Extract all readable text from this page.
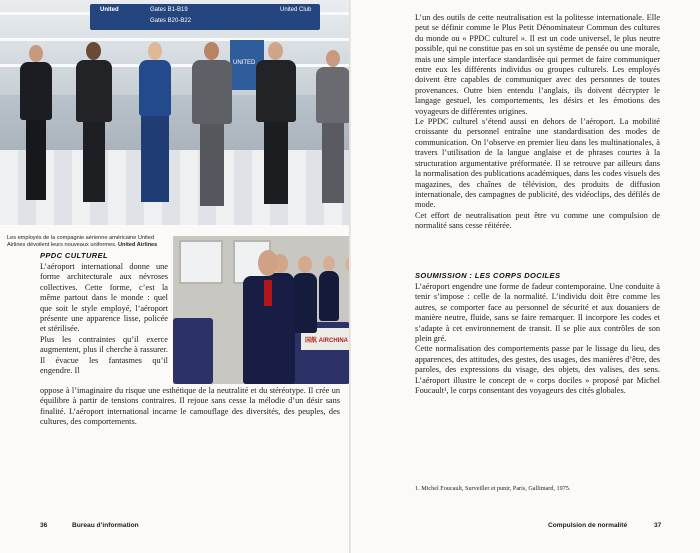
United	Gates B1-B19
Gates B20-B22
United Club
UNITED

Les employés de la compagnie aérienne américaine United Airlines dévoilent leurs nouveaux uniformes. United Airlines

国航 AIRCHINA
PPDC CULTUREL

L’aéroport international donne une forme architecturale aux névroses collectives. Cette forme, c’est la même partout dans le monde : quel que soit le style employé, l’aéroport présente une apparence lisse, policée et stérilisée.

Plus les contraintes qu’il exerce augmentent, plus il cherche à rassurer. Il évacue les fantasmes qu’il engendre. Il

oppose à l’imaginaire du risque une esthétique de la neutralité et du stéréotype. Il crée un équilibre à partir de tensions contraires. Il rejoue sans cesse la mélodie d’un désir sans finalité. L’aéroport international incarne le camouflage des diversités, des peuples, des cultures, des comportements.

36	Bureau d’information

L’un des outils de cette neutralisation est la politesse internationale. Elle peut se définir comme le Plus Petit Dénominateur Commun des cultures du monde ou « PPDC culturel ». Il est un code universel, le plus neutre possible, qui ne constitue pas en soi un système de pensée ou une morale, mais une simple interface standardisée qui permet de faire communiquer entre eux les différents individus ou groupes culturels. Les employés doivent être capables de communiquer avec des personnes de toutes provenances. Outre bien entendu l’anglais, ils doivent décrypter le langage gestuel, les comportements, les désirs et les émotions des voyageurs de différentes origines.

Le PPDC culturel s’étend aussi en dehors de l’aéroport. La mobilité croissante du personnel entraîne une standardisation des modes de communication. On l’observe en premier lieu dans les multinationales, à travers l’utilisation de la langue anglaise et de phrases courtes à la structuration argumentative préformatée. Il se retrouve par ailleurs dans la normalisation des publications académiques, dans les codes visuels des magazines, des chaînes de télévision, des produits de diffusion internationale, des campagnes de publicité, des vidéoclips, des défilés de mode.

Cet effort de neutralisation peut être vu comme une compulsion de normalité sans cesse réitérée.

SOUMISSION : LES CORPS DOCILES

L’aéroport engendre une forme de fadeur contemporaine. Une conduite à tenir s’impose : celle de la normalité. L’individu doit être comme les autres, se comporter face au personnel de sécurité et aux douaniers de manière neutre, fluide, sans se faire remarquer. Il incorpore les codes et s’adapte à cet environnement de transit. Il se plie aux contrôles de son plein gré.

Cette normalisation des comportements passe par le lissage du lieu, des apparences, des attitudes, des gestes, des usages, des manières d’être, des paroles, des expressions du visage, des objets, des valises, des sens. L’aéroport illustre le concept de « corps dociles » proposé par Michel Foucault¹, le corps consentant des voyageurs des cités globales.

1. Michel Foucault, Surveiller et punir, Paris, Gallimard, 1975.

Compulsion de normalité	37
